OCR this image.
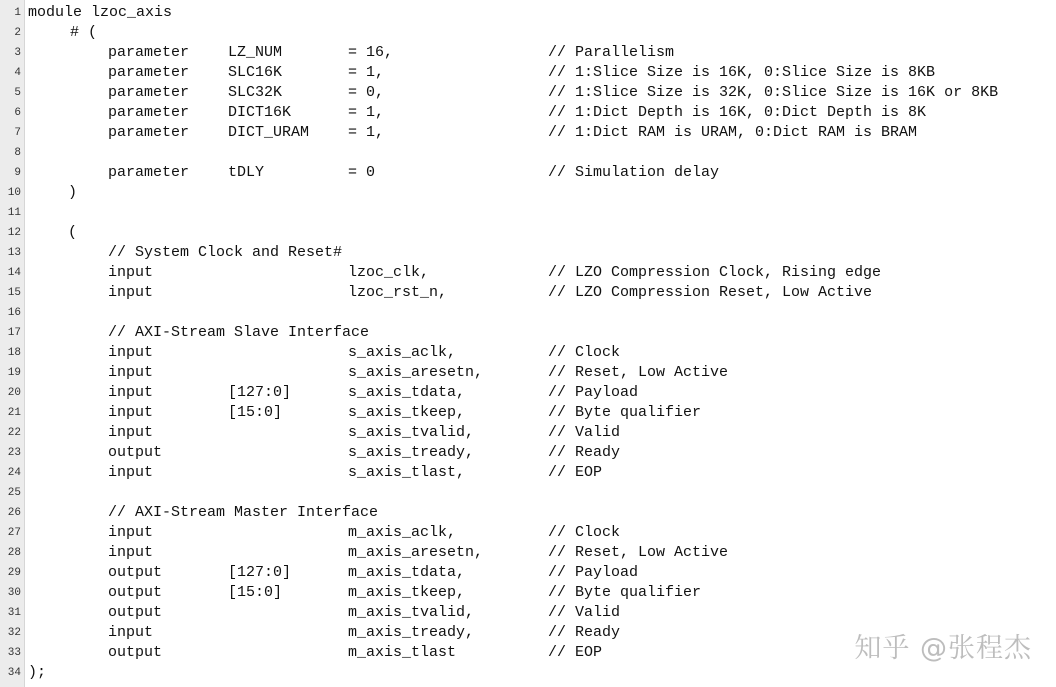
1 module lzoc_axis
2	# (
3	parameter	LZ_NUM	= 16,	// Parallelism
4	parameter	SLC16K	= 1,	// 1:Slice Size is 16K, 0:Slice Size is 8KB
5	parameter	SLC32K	= 0,	// 1:Slice Size is 32K, 0:Slice Size is 16K or 8KB
6	parameter	DICT16K	= 1,	// 1:Dict Depth is 16K, 0:Dict Depth is 8K
7	parameter	DICT_URAM	= 1,	// 1:Dict RAM is URAM, 0:Dict RAM is BRAM
8
9	parameter	tDLY	= 0	// Simulation delay
10	)
11
12	(
13	// System Clock and Reset#
14	input	lzoc_clk,	// LZO Compression Clock, Rising edge
15	input	lzoc_rst_n,	// LZO Compression Reset, Low Active
16
17	// AXI-Stream Slave Interface
18	input	s_axis_aclk,	// Clock
19	input	s_axis_aresetn,	// Reset, Low Active
20	input	[127:0]	s_axis_tdata,	// Payload
21	input	[15:0]	s_axis_tkeep,	// Byte qualifier
22	input	s_axis_tvalid,	// Valid
23	output	s_axis_tready,	// Ready
24	input	s_axis_tlast,	// EOP
25
26	// AXI-Stream Master Interface
27	input	m_axis_aclk,	// Clock
28	input	m_axis_aresetn,	// Reset, Low Active
29	output	[127:0]	m_axis_tdata,	// Payload
30	output	[15:0]	m_axis_tkeep,	// Byte qualifier
31	output	m_axis_tvalid,	// Valid
32	input	m_axis_tready,	// Ready
33	output	m_axis_tlast	// EOP
34 );
知乎 @张程杰
